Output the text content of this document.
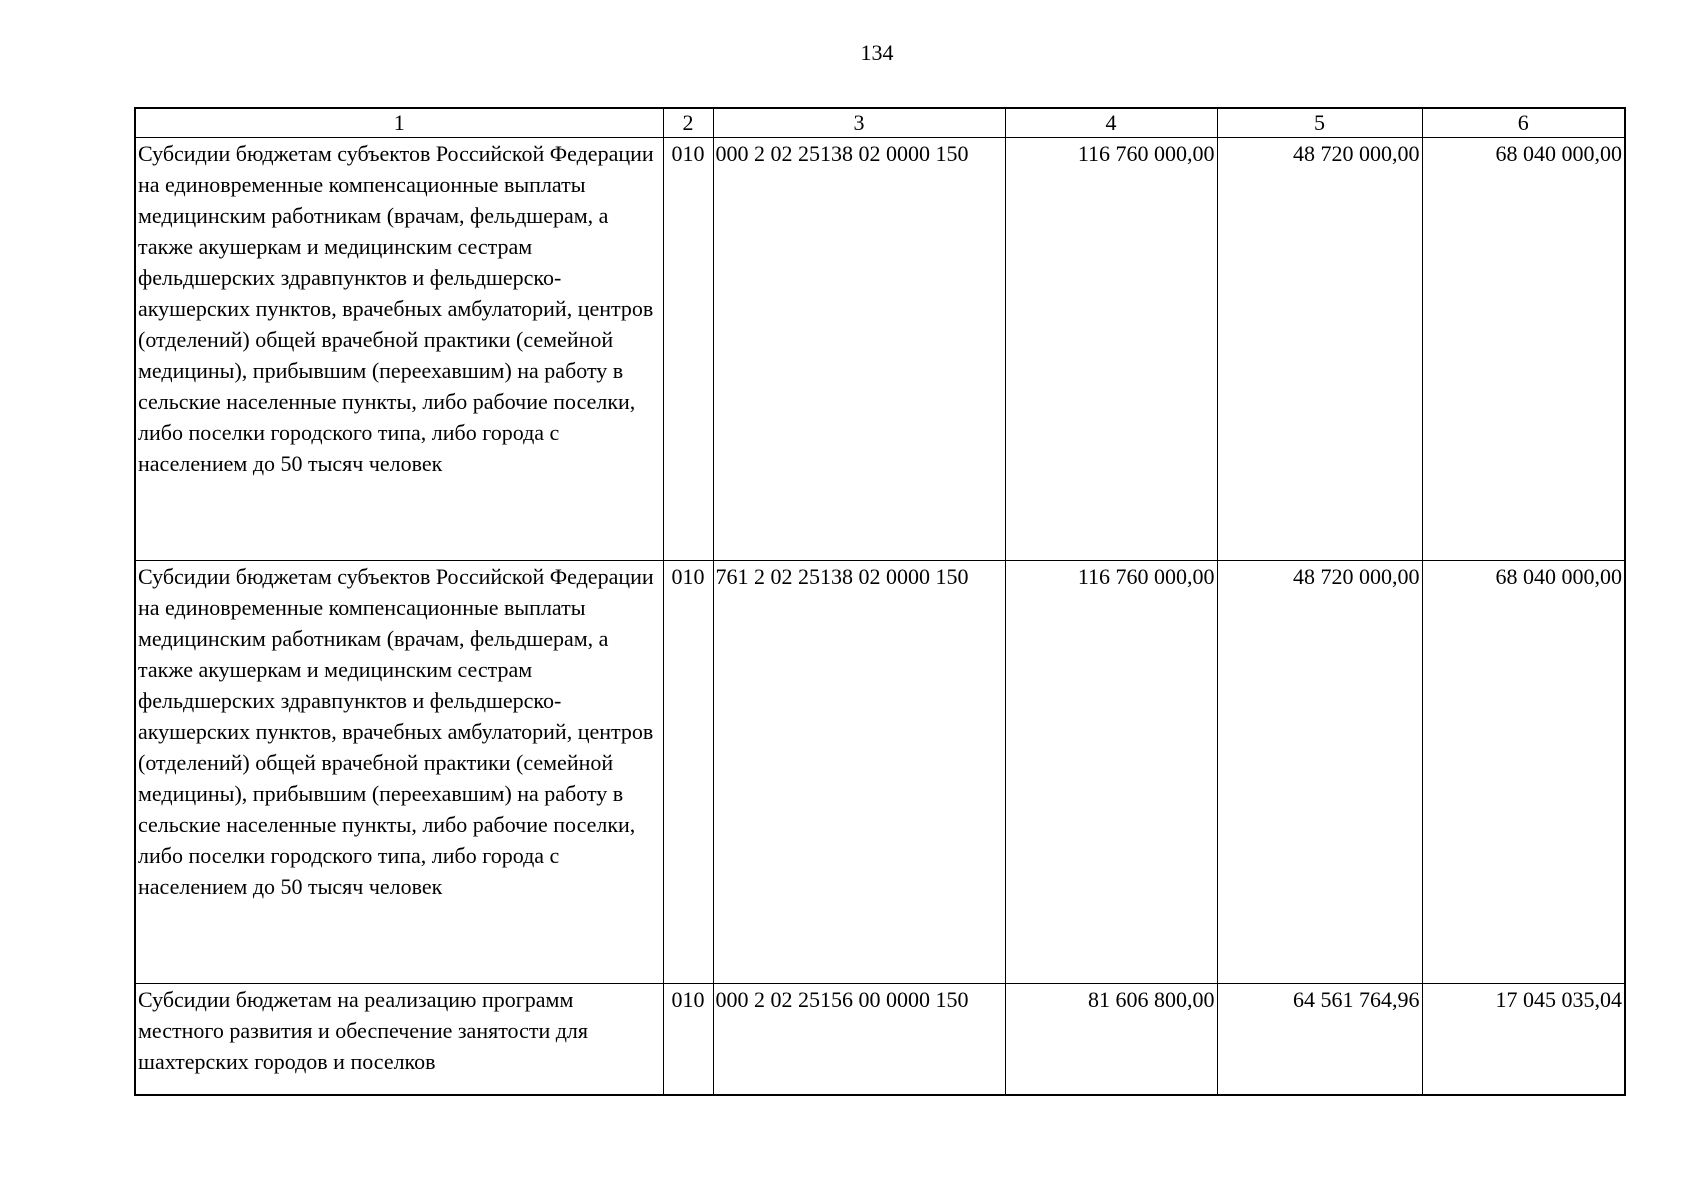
134
1	2	3	4	5	6
Субсидии бюджетам субъектов Российской Федерации на единовременные компенсационные выплаты медицинским работникам (врачам, фельдшерам, а также акушеркам и медицинским сестрам фельдшерских здравпунктов и фельдшерско-акушерских пунктов, врачебных амбулаторий, центров (отделений) общей врачебной практики (семейной медицины), прибывшим (переехавшим) на работу в сельские населенные пункты, либо рабочие поселки, либо поселки городского типа, либо города с населением до 50 тысяч человек	010	000 2 02 25138 02 0000 150	116 760 000,00	48 720 000,00	68 040 000,00
Субсидии бюджетам субъектов Российской Федерации на единовременные компенсационные выплаты медицинским работникам (врачам, фельдшерам, а также акушеркам и медицинским сестрам фельдшерских здравпунктов и фельдшерско-акушерских пунктов, врачебных амбулаторий, центров (отделений) общей врачебной практики (семейной медицины), прибывшим (переехавшим) на работу в сельские населенные пункты, либо рабочие поселки, либо поселки городского типа, либо города с населением до 50 тысяч человек	010	761 2 02 25138 02 0000 150	116 760 000,00	48 720 000,00	68 040 000,00
Субсидии бюджетам на реализацию программ местного развития и обеспечение занятости для шахтерских городов и поселков	010	000 2 02 25156 00 0000 150	81 606 800,00	64 561 764,96	17 045 035,04
